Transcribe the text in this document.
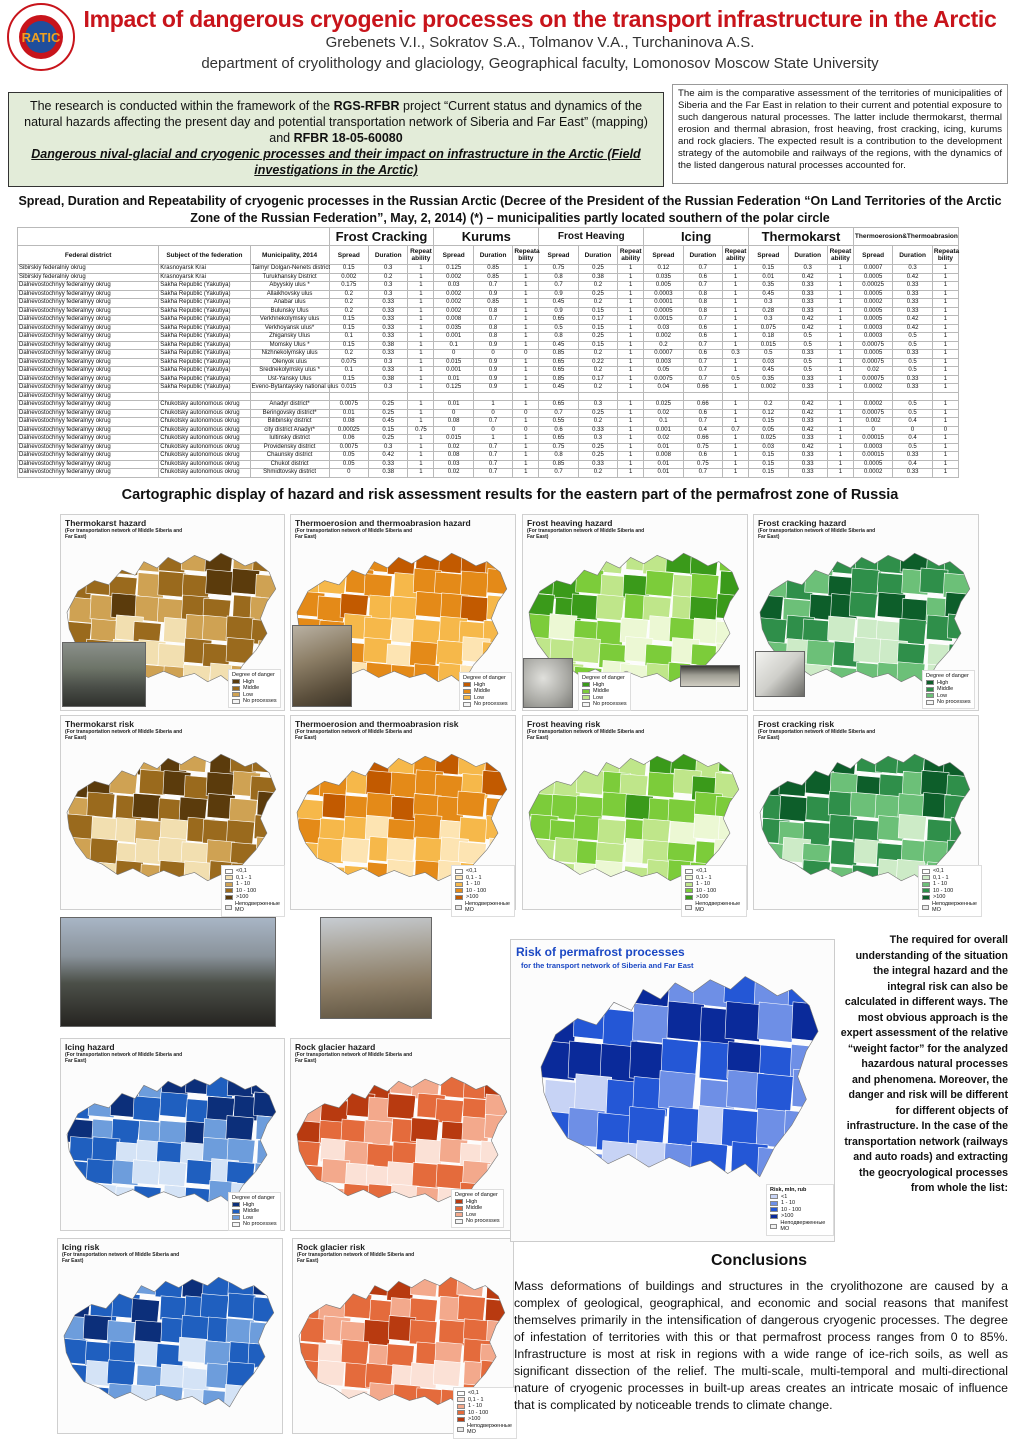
RATIC
Impact of dangerous cryogenic processes on the transport infrastructure in the Arctic
Grebenets V.I., Sokratov S.A., Tolmanov V.A., Turchaninova A.S.
department of cryolithology and glaciology, Geographical faculty, Lomonosov Moscow State University
The research is conducted within the framework of the RGS-RFBR project “Current status and dynamics of the natural hazards affecting the present day and potential transportation network of Siberia and Far East” (mapping) and RFBR 18-05-60080
Dangerous nival-glacial and cryogenic processes and their impact on infrastructure in the Arctic (Field investigations in the Arctic)
The aim is the comparative assessment of the territories of municipalities of Siberia and the Far East in relation to their current and potential exposure to such dangerous natural processes. The latter include thermokarst, thermal erosion and thermal abrasion, frost heaving, frost cracking, icing, kurums and rock glaciers. The expected result is a contribution to the development strategy of the automobile and railways of the regions, with the dynamics of the listed dangerous natural processes accounted for.
Spread, Duration and Repeatability of cryogenic processes in the Russian Arctic (Decree of the President of the Russian Federation “On Land Territories of the Arctic Zone of the Russian Federation”, May, 2, 2014) (*) – municipalities partly located southern of the polar circle
			Frost Cracking			Kurums			Frost Heaving			Icing			Thermokarst			Thermoerosion&Thermoabrasion		
Federal district	Subject of the federation	Municipality, 2014	Spread	Duration	Repeat ability	Spread	Duration	Repeata bility	Spread	Duration	Repeat ability	Spread	Duration	Repeat ability	Spread	Duration	Repeat ability	Spread	Duration	Repeata bility
Sibirskiy federalniy okrug	Krasnoyarsk Krai	Taimyr Dolgan-Nenets district	0.15	0.3	1	0.125	0.85	1	0.75	0.25	1	0.12	0.7	1	0.15	0.3	1	0.0007	0.3	1
Sibirskiy federalniy okrug	Krasnoyarsk Krai	Turukhansky District	0.002	0.2	1	0.002	0.85	1	0.8	0.38	1	0.035	0.6	1	0.01	0.42	1	0.0005	0.42	1
Dalnevostochnyy federalnyy okrug	Sakha Republic (Yakutiya)	Abyyskiy ulus *	0.175	0.3	1	0.03	0.7	1	0.7	0.2	1	0.005	0.7	1	0.35	0.33	1	0.00025	0.33	1
Dalnevostochnyy federalnyy okrug	Sakha Republic (Yakutiya)	Allaikhovsky ulus	0.2	0.3	1	0.002	0.9	1	0.9	0.25	1	0.0003	0.8	1	0.45	0.33	1	0.0005	0.33	1
Dalnevostochnyy federalnyy okrug	Sakha Republic (Yakutiya)	Anabar ulus	0.2	0.33	1	0.002	0.85	1	0.45	0.2	1	0.0001	0.8	1	0.3	0.33	1	0.0002	0.33	1
Dalnevostochnyy federalnyy okrug	Sakha Republic (Yakutiya)	Bulunsky Ulus	0.2	0.33	1	0.002	0.8	1	0.9	0.15	1	0.0005	0.8	1	0.28	0.33	1	0.0005	0.33	1
Dalnevostochnyy federalnyy okrug	Sakha Republic (Yakutiya)	Verkhnekolymsky ulus	0.15	0.33	1	0.008	0.7	1	0.65	0.17	1	0.0015	0.7	1	0.3	0.42	1	0.0005	0.42	1
Dalnevostochnyy federalnyy okrug	Sakha Republic (Yakutiya)	Verkhoyansk ulus*	0.15	0.33	1	0.035	0.8	1	0.5	0.15	1	0.03	0.6	1	0.075	0.42	1	0.0003	0.42	1
Dalnevostochnyy federalnyy okrug	Sakha Republic (Yakutiya)	Zhigansky Ulus	0.1	0.33	1	0.001	0.8	1	0.8	0.25	1	0.002	0.6	1	0.18	0.5	1	0.0003	0.5	1
Dalnevostochnyy federalnyy okrug	Sakha Republic (Yakutiya)	Momsky Ulus *	0.15	0.38	1	0.1	0.9	1	0.45	0.15	1	0.2	0.7	1	0.015	0.5	1	0.00075	0.5	1
Dalnevostochnyy federalnyy okrug	Sakha Republic (Yakutiya)	Nizhnekolymsky ulus	0.2	0.33	1	0	0	0	0.85	0.2	1	0.0007	0.6	0.3	0.5	0.33	1	0.0005	0.33	1
Dalnevostochnyy federalnyy okrug	Sakha Republic (Yakutiya)	Olenyok ulus	0.075	0.3	1	0.015	0.9	1	0.65	0.22	1	0.003	0.7	1	0.03	0.5	1	0.00075	0.5	1
Dalnevostochnyy federalnyy okrug	Sakha Republic (Yakutiya)	Srednekolymsky ulus *	0.1	0.33	1	0.001	0.9	1	0.65	0.2	1	0.05	0.7	1	0.45	0.5	1	0.02	0.5	1
Dalnevostochnyy federalnyy okrug	Sakha Republic (Yakutiya)	Ust-Yansky Ulus	0.15	0.38	1	0.01	0.9	1	0.85	0.17	1	0.0075	0.7	0.5	0.35	0.33	1	0.00075	0.33	1
Dalnevostochnyy federalnyy okrug	Sakha Republic (Yakutiya)	Eveno-Bytantaysky national ulus	0.015	0.3	1	0.125	0.9	1	0.45	0.2	1	0.04	0.66	1	0.002	0.33	1	0.0002	0.33	1
Dalnevostochnyy federalnyy okrug																				
Dalnevostochnyy federalnyy okrug	Chukotsky autonomous okrug	Anadyr district*	0.0075	0.25	1	0.01	1	1	0.65	0.3	1	0.025	0.66	1	0.2	0.42	1	0.0002	0.5	1
Dalnevostochnyy federalnyy okrug	Chukotsky autonomous okrug	Beringovsky district*	0.01	0.25	1	0	0	0	0.7	0.25	1	0.02	0.6	1	0.12	0.42	1	0.00075	0.5	1
Dalnevostochnyy federalnyy okrug	Chukotsky autonomous okrug	Bilibinsky district	0.08	0.45	1	0.08	0.7	1	0.55	0.2	1	0.1	0.7	1	0.15	0.33	1	0.002	0.4	1
Dalnevostochnyy federalnyy okrug	Chukotsky autonomous okrug	city district Anadyr*	0.00025	0.15	0.75	0	0	0	0.6	0.33	1	0.001	0.4	0.7	0.05	0.42	1	0	0	0
Dalnevostochnyy federalnyy okrug	Chukotsky autonomous okrug	Iultinsky district	0.06	0.25	1	0.015	1	1	0.65	0.3	1	0.02	0.66	1	0.025	0.33	1	0.00015	0.4	1
Dalnevostochnyy federalnyy okrug	Chukotsky autonomous okrug	Providensky district	0.0075	0.3	1	0.02	0.7	1	0.75	0.25	1	0.01	0.75	1	0.03	0.42	1	0.0003	0.5	1
Dalnevostochnyy federalnyy okrug	Chukotsky autonomous okrug	Chaunsky district	0.05	0.42	1	0.08	0.7	1	0.8	0.25	1	0.008	0.6	1	0.15	0.33	1	0.00015	0.33	1
Dalnevostochnyy federalnyy okrug	Chukotsky autonomous okrug	Chukot district	0.05	0.33	1	0.03	0.7	1	0.85	0.33	1	0.01	0.75	1	0.15	0.33	1	0.0005	0.4	1
Dalnevostochnyy federalnyy okrug	Chukotsky autonomous okrug	Shmidtovsky district	0	0.38	1	0.02	0.7	1	0.7	0.2	1	0.01	0.7	1	0.15	0.33	1	0.0002	0.33	1
Cartographic display of hazard and risk assessment results for the eastern part of the permafrost zone of Russia
Thermokarst hazard
(For transportation network of Middle Siberia and Far East)
Degree of danger
High
Middle
Low
No processes
Thermoerosion and thermoabrasion hazard
(For transportation network of Middle Siberia and Far East)
Degree of danger
High
Middle
Low
No processes
Frost heaving hazard
(For transportation network of Middle Siberia and Far East)
Degree of danger
High
Middle
Low
No processes
Frost cracking hazard
(For transportation network of Middle Siberia and Far East)
Degree of danger
High
Middle
Low
No processes
Thermokarst risk
(For transportation network of Middle Siberia and Far East)
<0,1
0,1 - 1
1 - 10
10 - 100
>100
Неподверженные МО
Thermoerosion and thermoabrasion risk
(For transportation network of Middle Siberia and Far East)
<0,1
0,1 - 1
1 - 10
10 - 100
>100
Неподверженные МО
Frost heaving risk
(For transportation network of Middle Siberia and Far East)
<0,1
0,1 - 1
1 - 10
10 - 100
>100
Неподверженные МО
Frost cracking risk
(For transportation network of Middle Siberia and Far East)
<0,1
0,1 - 1
1 - 10
10 - 100
>100
Неподверженные МО
Icing hazard
(For transportation network of Middle Siberia and Far East)
Degree of danger
High
Middle
Low
No processes
Rock glacier hazard
(For transportation network of Middle Siberia and Far East)
Degree of danger
High
Middle
Low
No processes
Icing risk
(For transportation network of Middle Siberia and Far East)
Rock glacier risk
(For transportation network of Middle Siberia and Far East)
<0,1
0,1 - 1
1 - 10
10 - 100
>100
Неподверженные МО
Risk of permafrost processes
for the transport network of Siberia and Far East
Risk, mln, rub
<1
1 - 10
10 - 100
>100
Неподверженные МО
The required for overall understanding of the situation the integral hazard and the integral risk can also be calculated in different ways. The most obvious approach is the expert assessment of the relative “weight factor” for the analyzed hazardous natural processes and phenomena. Moreover, the danger and risk will be different for different objects of infrastructure. In the case of the transportation network (railways and auto roads) and extracting the geocryological processes from whole the list:
Conclusions
Mass deformations of buildings and structures in the cryolithozone are caused by a complex of geological, geographical, and economic and social reasons that manifest themselves primarily in the intensification of dangerous cryogenic processes. The degree of infestation of territories with this or that permafrost process ranges from 0 to 85%. Infrastructure is most at risk in regions with a wide range of ice-rich soils, as well as significant dissection of the relief. The multi-scale, multi-temporal and multi-directional nature of cryogenic processes in built-up areas creates an intricate mosaic of influence that is complicated by noticeable trends to climate change.
